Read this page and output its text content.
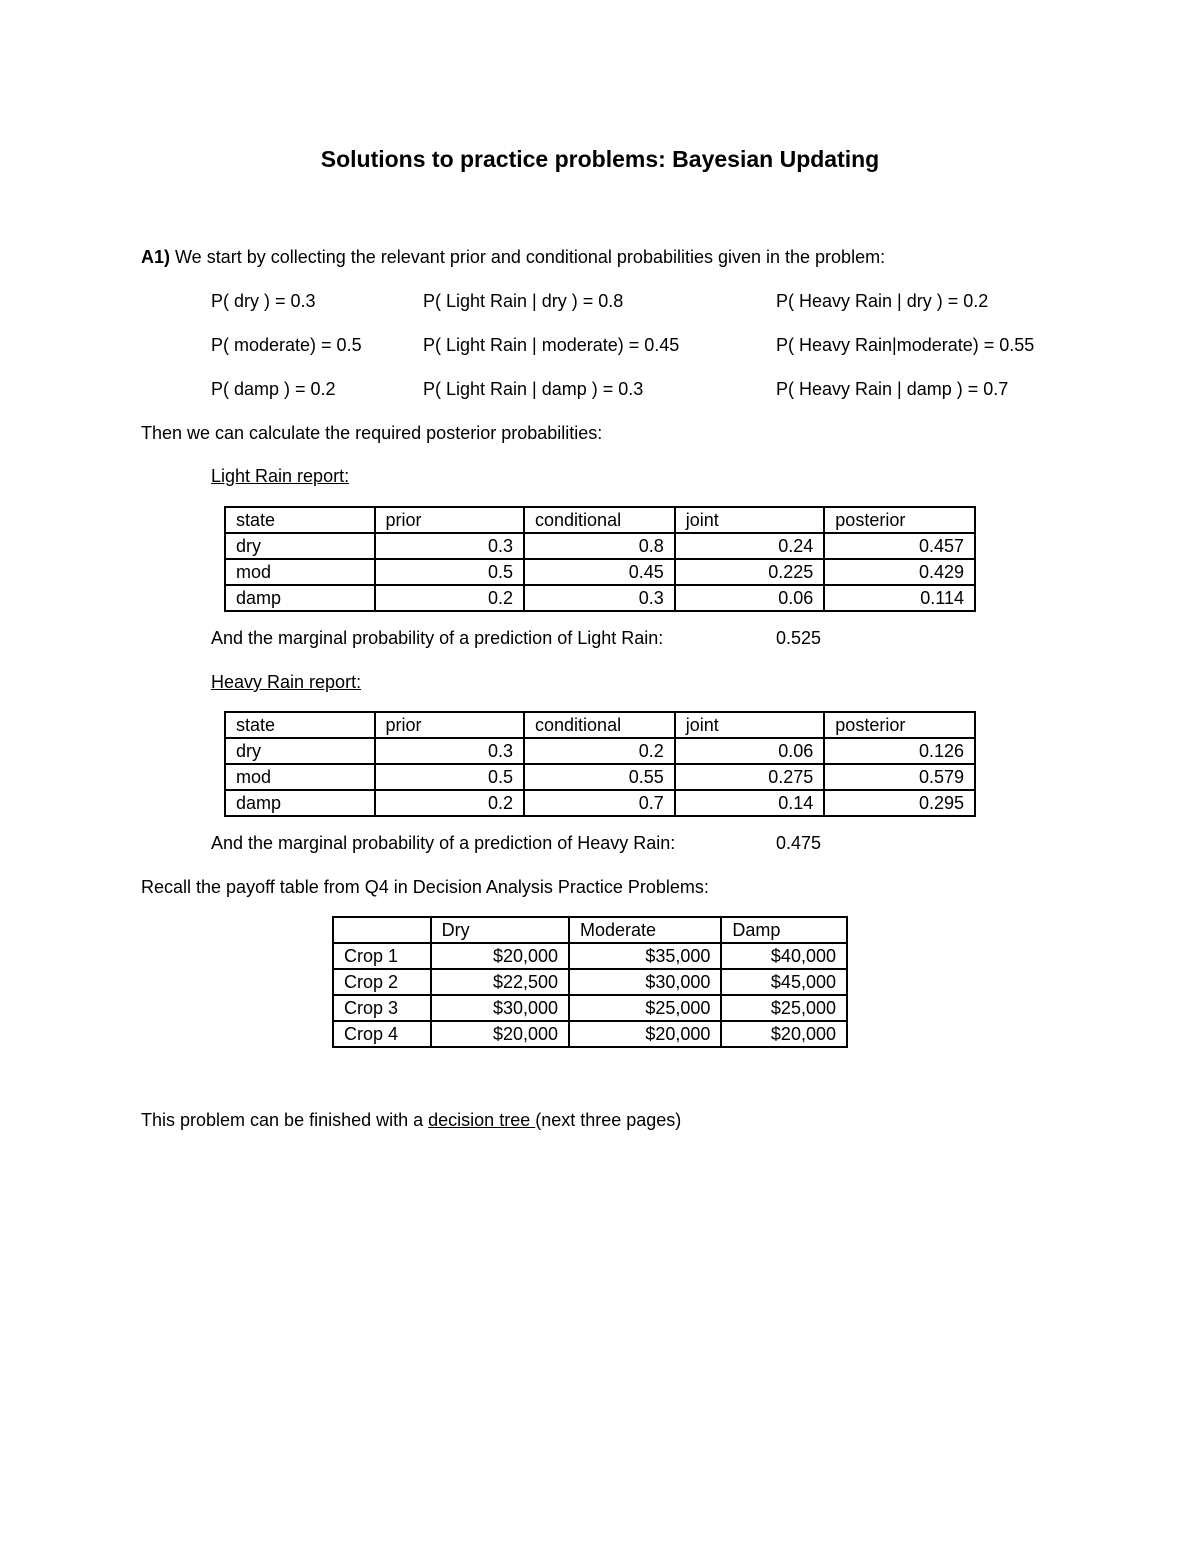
Solutions to practice problems: Bayesian Updating
A1) We start by collecting the relevant prior and conditional probabilities given in the problem:
P( dry ) = 0.3	P( Light Rain | dry ) = 0.8	P( Heavy Rain | dry ) = 0.2
P( moderate) = 0.5	P( Light Rain | moderate) = 0.45	P( Heavy Rain|moderate) = 0.55
P( damp ) = 0.2	P( Light Rain | damp ) = 0.3	P( Heavy Rain | damp ) = 0.7
Then we can calculate the required posterior probabilities:
Light Rain report:
state	prior	conditional	joint	posterior
dry	0.3	0.8	0.24	0.457
mod	0.5	0.45	0.225	0.429
damp	0.2	0.3	0.06	0.114
And the marginal probability of a prediction of Light Rain:	0.525
Heavy Rain report:
state	prior	conditional	joint	posterior
dry	0.3	0.2	0.06	0.126
mod	0.5	0.55	0.275	0.579
damp	0.2	0.7	0.14	0.295
And the marginal probability of a prediction of Heavy Rain:	0.475
Recall the payoff table from Q4 in Decision Analysis Practice Problems:
	Dry	Moderate	Damp
Crop 1	$20,000	$35,000	$40,000
Crop 2	$22,500	$30,000	$45,000
Crop 3	$30,000	$25,000	$25,000
Crop 4	$20,000	$20,000	$20,000
This problem can be finished with a decision tree (next three pages)
